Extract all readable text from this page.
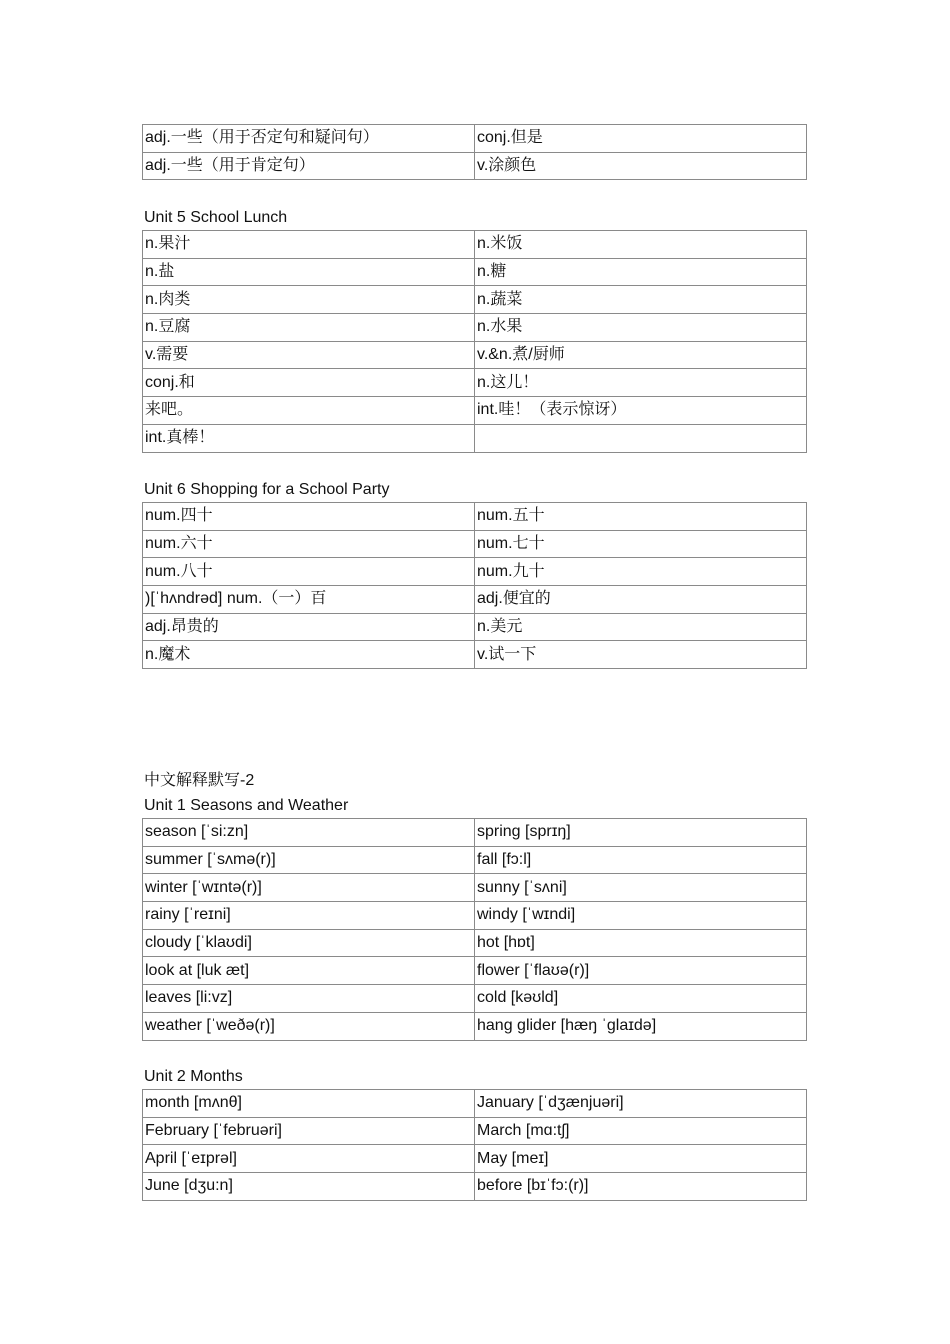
adj.一些（用于否定句和疑问句）	conj.但是
adj.一些（用于肯定句）	v.涂颜色
Unit 5 School Lunch
n.果汁	n.米饭
n.盐	n.糖
n.肉类	n.蔬菜
n.豆腐	n.水果
v.需要	v.&n.煮/厨师
conj.和	n.这儿！
来吧。	int.哇！（表示惊讶）
int.真棒！	
Unit 6 Shopping for a School Party
num.四十	num.五十
num.六十	num.七十
num.八十	num.九十
)[ˈhʌndrəd] num.（一）百	adj.便宜的
adj.昂贵的	n.美元
n.魔术	v.试一下
中文解释默写-2
Unit 1 Seasons and Weather
season [ˈsi:zn]	spring [sprɪŋ]
summer [ˈsʌmə(r)]	fall [fɔ:l]
winter [ˈwɪntə(r)]	sunny [ˈsʌni]
rainy [ˈreɪni]	windy [ˈwɪndi]
cloudy [ˈklaʊdi]	hot [hɒt]
look at [luk æt]	flower [ˈflaʊə(r)]
leaves [li:vz]	cold [kəʊld]
weather [ˈweðə(r)]	hang glider [hæŋ ˈglaɪdə]
Unit 2 Months
month [mʌnθ]	January [ˈdʒænjuəri]
February [ˈfebruəri]	March [mɑ:tʃ]
April [ˈeɪprəl]	May [meɪ]
June [dʒu:n]	before [bɪˈfɔ:(r)]
